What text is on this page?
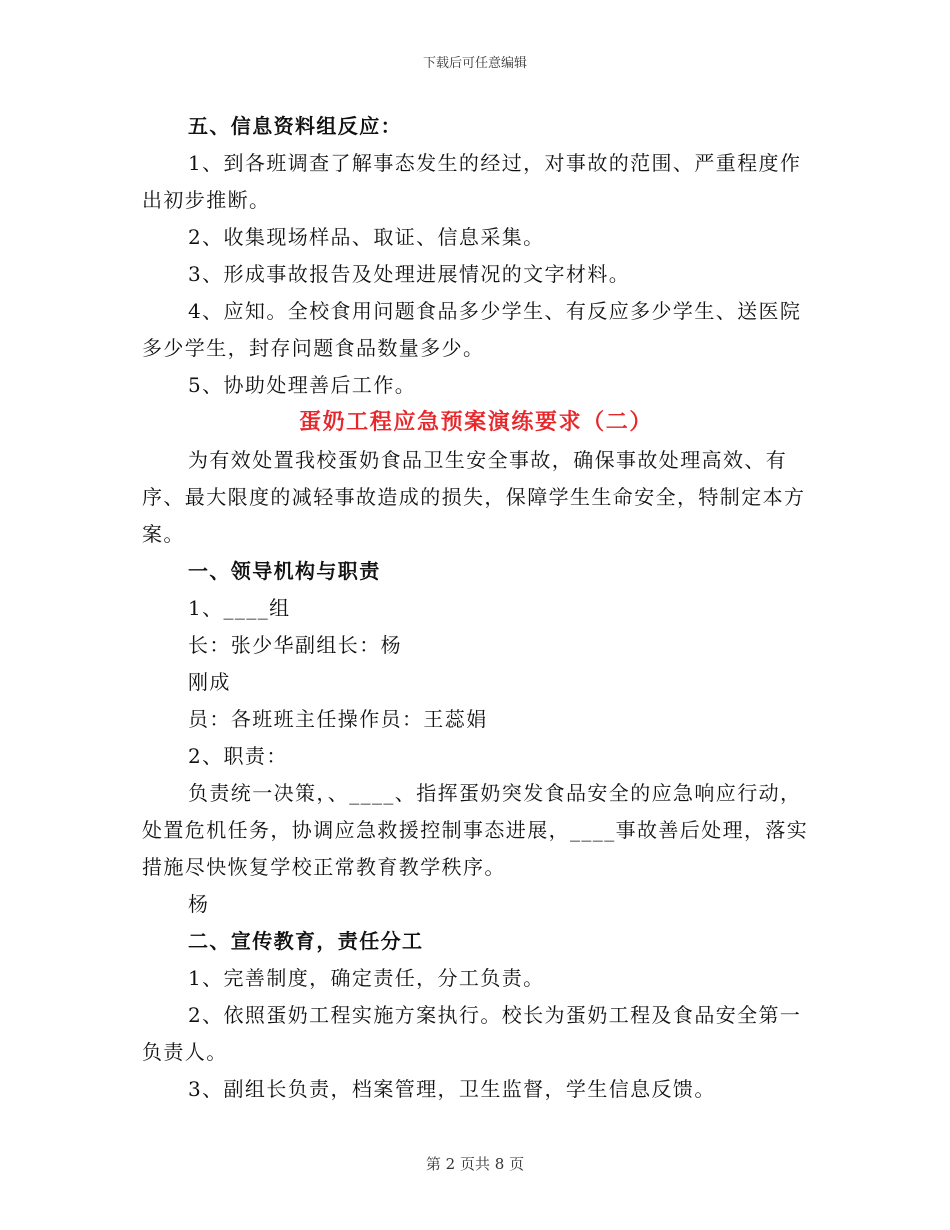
下载后可任意编辑

五、信息资料组反应：

1、到各班调查了解事态发生的经过，对事故的范围、严重程度作出初步推断。

2、收集现场样品、取证、信息采集。

3、形成事故报告及处理进展情况的文字材料。

4、应知。全校食用问题食品多少学生、有反应多少学生、送医院多少学生，封存问题食品数量多少。

5、协助处理善后工作。

蛋奶工程应急预案演练要求（二）

为有效处置我校蛋奶食品卫生安全事故，确保事故处理高效、有序、最大限度的减轻事故造成的损失，保障学生生命安全，特制定本方案。

一、领导机构与职责

1、____组

长：张少华副组长：杨

刚成

员：各班班主任操作员：王蕊娟

2、职责：

负责统一决策，、____、指挥蛋奶突发食品安全的应急响应行动，处置危机任务，协调应急救援控制事态进展，____事故善后处理，落实措施尽快恢复学校正常教育教学秩序。

杨

二、宣传教育，责任分工

1、完善制度，确定责任，分工负责。

2、依照蛋奶工程实施方案执行。校长为蛋奶工程及食品安全第一负责人。

3、副组长负责，档案管理，卫生监督，学生信息反馈。

第 2 页共 8 页
